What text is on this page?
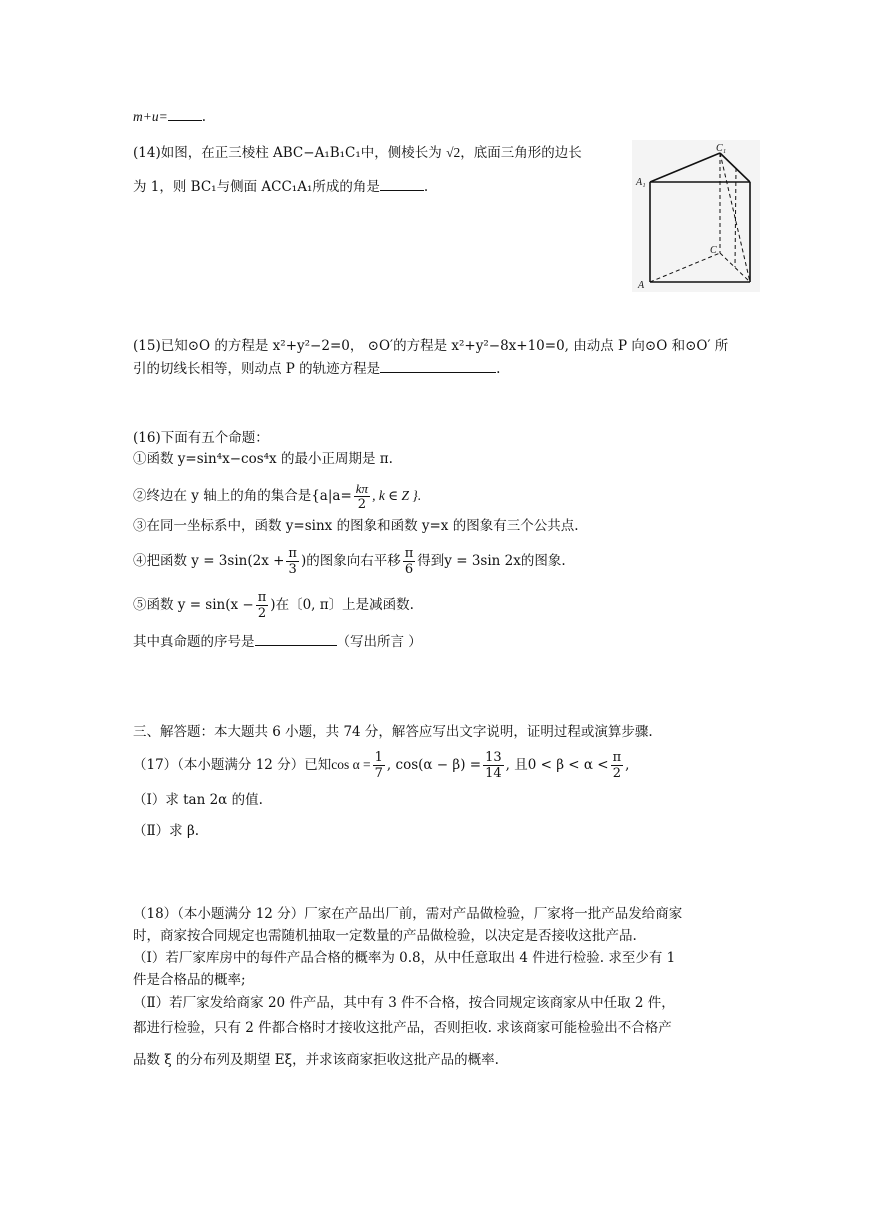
m+u=	.
(14)如图，在正三棱柱 ABC−A₁B₁C₁中，侧棱长为 √2，底面三角形的边长
为 1，则 BC₁与侧面 ACC₁A₁所成的角是	.
C₁
A₁
C
A
(15)已知⊙O 的方程是 x²+y²−2=0， ⊙O′的方程是 x²+y²−8x+10=0, 由动点 P 向⊙O 和⊙O′ 所
引的切线长相等，则动点 P 的轨迹方程是	.
(16)下面有五个命题：
①函数 y=sin⁴x−cos⁴x 的最小正周期是 π.
②终边在 y 轴上的角的集合是{$a|a= \frac{k\pi}{2}$ , k ∈ Z }.
③在同一坐标系中，函数 y=sinx 的图象和函数 y=x 的图象有三个公共点.
④把函数 $y = 3\sin(2x + \frac{\pi}{3}$ )的图象向右平移 $\frac{\pi}{6}$ 得到y = 3sin 2x的图象.
⑤函数 $y = \sin(x - \frac{\pi}{2}$ )在〔0, π〕上是减函数.
其中真命题的序号是	（写出所言 ）
三、解答题：本大题共 6 小题，共 74 分，解答应写出文字说明，证明过程或演算步骤.
（17）（本小题满分 12 分）已知$\cos \alpha = \frac{1}{7}$ , $\cos(\alpha - \beta) = \frac{13}{14}$ , 且$0 < \beta < \alpha < \frac{\pi}{2}$ ,
（Ⅰ）求 tan 2α 的值.
（Ⅱ）求 β.
（18）（本小题满分 12 分）厂家在产品出厂前，需对产品做检验，厂家将一批产品发给商家
时，商家按合同规定也需随机抽取一定数量的产品做检验，以决定是否接收这批产品.
（Ⅰ）若厂家库房中的每件产品合格的概率为 0.8，从中任意取出 4 件进行检验. 求至少有 1
件是合格品的概率;
（Ⅱ）若厂家发给商家 20 件产品，其中有 3 件不合格，按合同规定该商家从中任取 2 件，
都进行检验，只有 2 件都合格时才接收这批产品，否则拒收. 求该商家可能检验出不合格产
品数 ξ 的分布列及期望 Eξ，并求该商家拒收这批产品的概率.
